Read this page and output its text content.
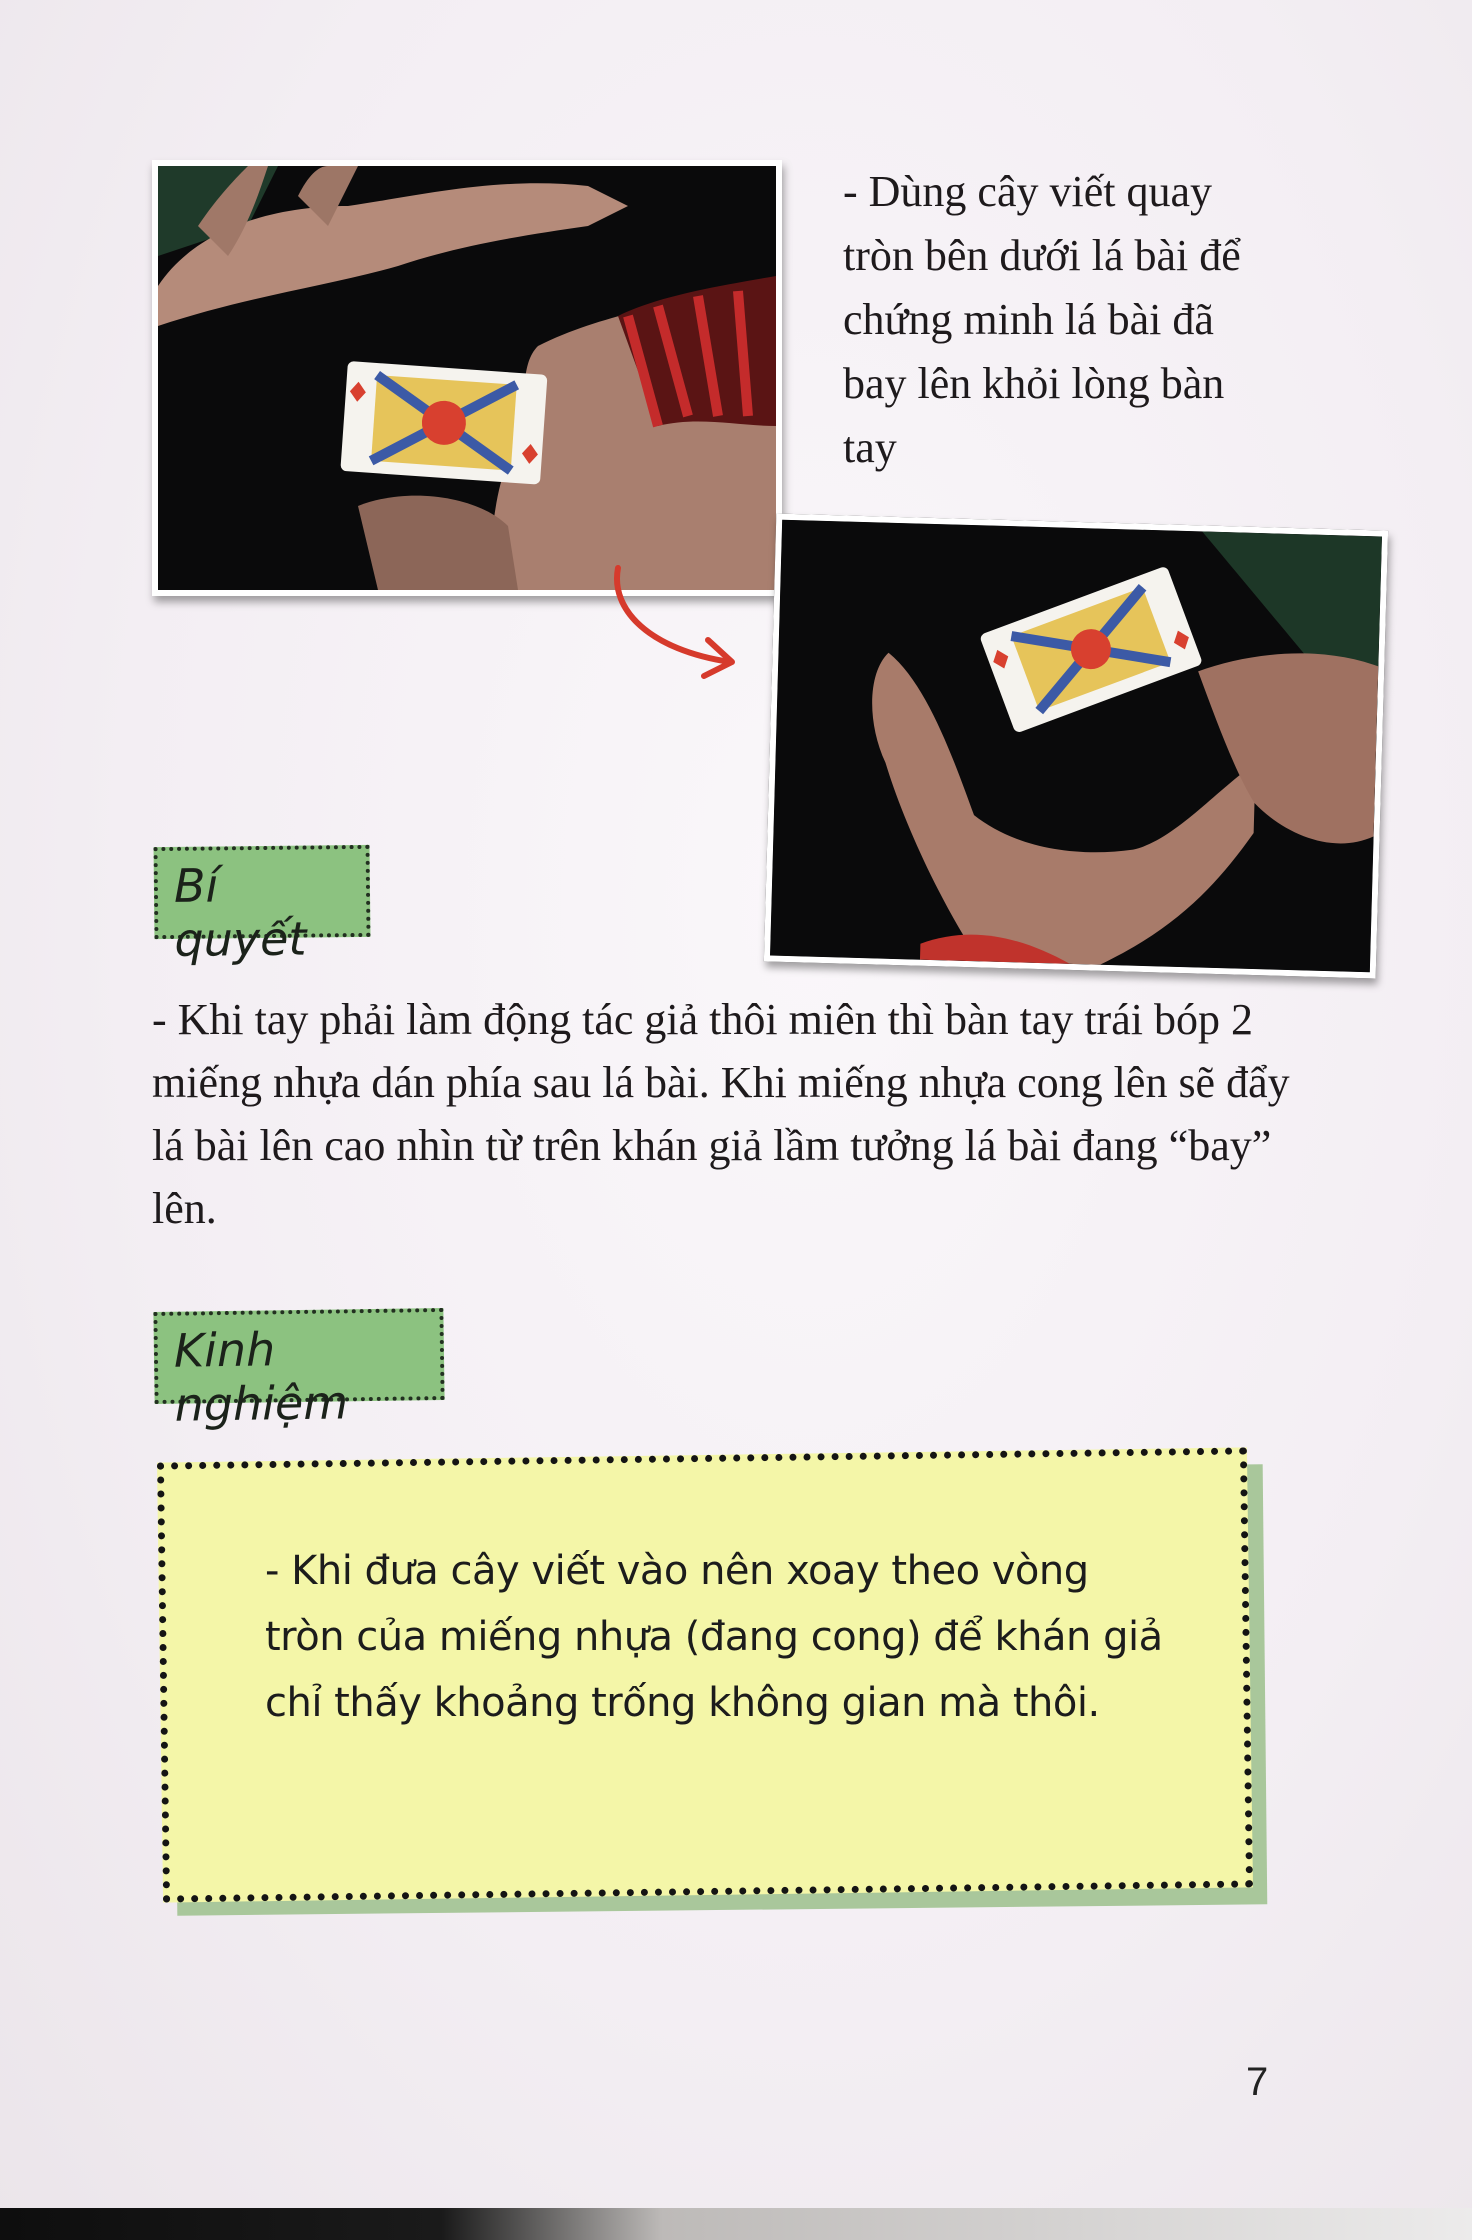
- Dùng cây viết quay tròn bên dưới lá bài để chứng minh lá bài đã bay lên khỏi lòng bàn tay

Bí quyết

- Khi tay phải làm động tác giả thôi miên thì bàn tay trái bóp 2 miếng nhựa dán phía sau lá bài. Khi miếng nhựa cong lên sẽ đẩy lá bài lên cao nhìn từ trên khán giả lầm tưởng lá bài đang “bay” lên.

Kinh nghiệm

- Khi đưa cây viết vào nên xoay theo vòng tròn của miếng nhựa (đang cong) để khán giả chỉ thấy khoảng trống không gian mà thôi.

7
